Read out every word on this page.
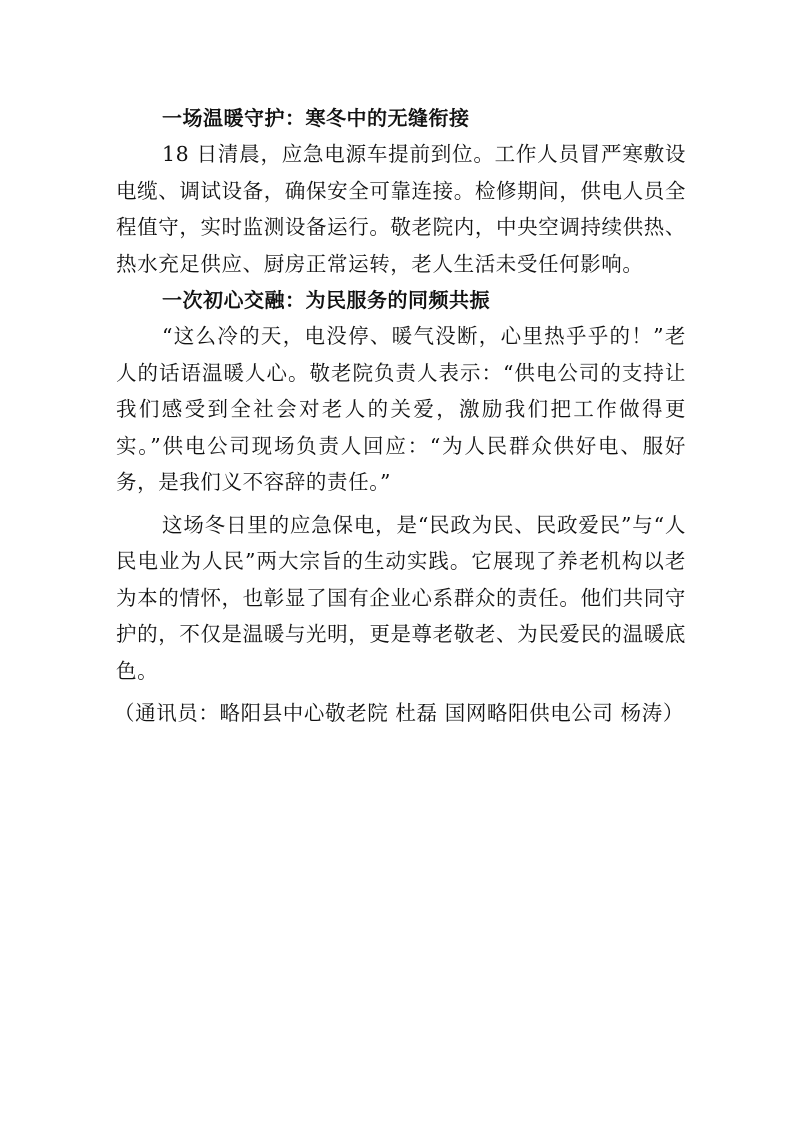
一场温暖守护：寒冬中的无缝衔接

18 日清晨，应急电源车提前到位。工作人员冒严寒敷设电缆、调试设备，确保安全可靠连接。检修期间，供电人员全程值守，实时监测设备运行。敬老院内，中央空调持续供热、热水充足供应、厨房正常运转，老人生活未受任何影响。

一次初心交融：为民服务的同频共振

“这么冷的天，电没停、暖气没断，心里热乎乎的！”老人的话语温暖人心。敬老院负责人表示：“供电公司的支持让我们感受到全社会对老人的关爱，激励我们把工作做得更实。”供电公司现场负责人回应：“为人民群众供好电、服好务，是我们义不容辞的责任。”

这场冬日里的应急保电，是“民政为民、民政爱民”与“人民电业为人民”两大宗旨的生动实践。它展现了养老机构以老为本的情怀，也彰显了国有企业心系群众的责任。他们共同守护的，不仅是温暖与光明，更是尊老敬老、为民爱民的温暖底色。

（通讯员：略阳县中心敬老院 杜磊 国网略阳供电公司 杨涛）
